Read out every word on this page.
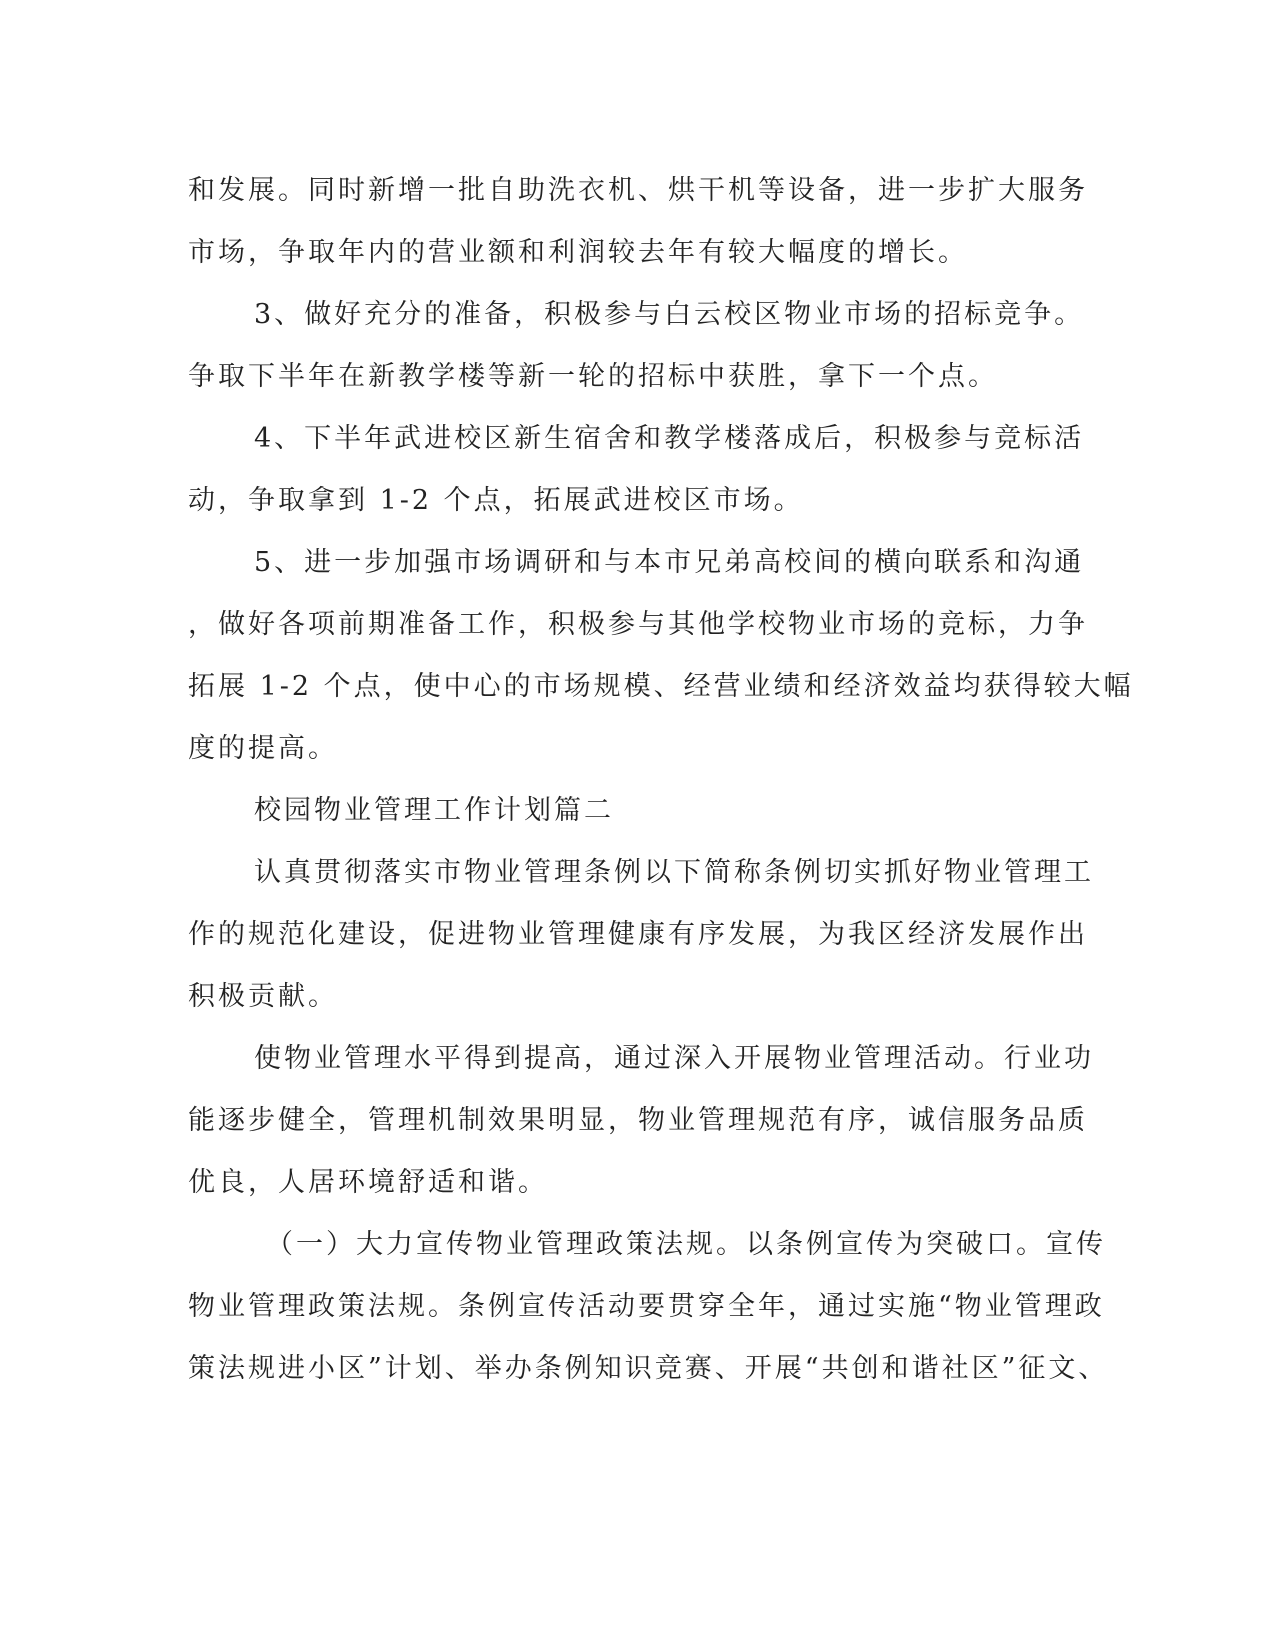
和发展。同时新增一批自助洗衣机、烘干机等设备，进一步扩大服务
市场，争取年内的营业额和利润较去年有较大幅度的增长。
3、做好充分的准备，积极参与白云校区物业市场的招标竞争。
争取下半年在新教学楼等新一轮的招标中获胜，拿下一个点。
4、下半年武进校区新生宿舍和教学楼落成后，积极参与竞标活
动，争取拿到 1-2 个点，拓展武进校区市场。
5、进一步加强市场调研和与本市兄弟高校间的横向联系和沟通
，做好各项前期准备工作，积极参与其他学校物业市场的竞标，力争
拓展 1-2 个点，使中心的市场规模、经营业绩和经济效益均获得较大幅
度的提高。
校园物业管理工作计划篇二
认真贯彻落实市物业管理条例以下简称条例切实抓好物业管理工
作的规范化建设，促进物业管理健康有序发展，为我区经济发展作出
积极贡献。
使物业管理水平得到提高，通过深入开展物业管理活动。行业功
能逐步健全，管理机制效果明显，物业管理规范有序，诚信服务品质
优良，人居环境舒适和谐。
（一）大力宣传物业管理政策法规。以条例宣传为突破口。宣传
物业管理政策法规。条例宣传活动要贯穿全年，通过实施“物业管理政
策法规进小区”计划、举办条例知识竞赛、开展“共创和谐社区”征文、
